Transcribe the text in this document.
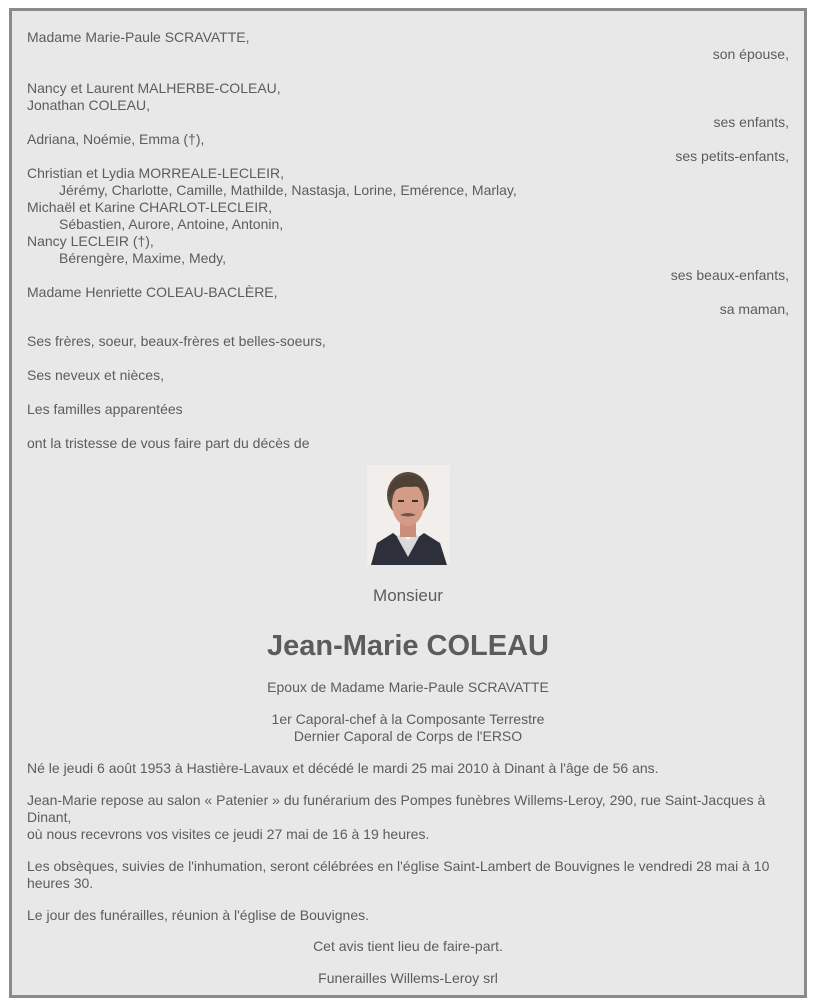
Madame Marie-Paule SCRAVATTE,
son épouse,
Nancy et Laurent MALHERBE-COLEAU,
Jonathan COLEAU,
ses enfants,
Adriana, Noémie, Emma (†),
ses petits-enfants,
Christian et Lydia MORREALE-LECLEIR,
Jérémy, Charlotte, Camille, Mathilde, Nastasja, Lorine, Emérence, Marlay,
Michaël et Karine CHARLOT-LECLEIR,
Sébastien, Aurore, Antoine, Antonin,
Nancy LECLEIR (†),
Bérengère, Maxime, Medy,
ses beaux-enfants,
Madame Henriette COLEAU-BACLÈRE,
sa maman,
Ses frères, soeur, beaux-frères et belles-soeurs,
Ses neveux et nièces,
Les familles apparentées
ont la tristesse de vous faire part du décès de
Monsieur
Jean-Marie COLEAU
Epoux de Madame Marie-Paule SCRAVATTE
1er Caporal-chef à la Composante Terrestre
Dernier Caporal de Corps de l'ERSO
Né le jeudi 6 août 1953 à Hastière-Lavaux et décédé le mardi 25 mai 2010 à Dinant à l'âge de 56 ans.
Jean-Marie repose au salon « Patenier » du funérarium des Pompes funèbres Willems-Leroy, 290, rue Saint-Jacques à Dinant,
où nous recevrons vos visites ce jeudi 27 mai de 16 à 19 heures.
Les obsèques, suivies de l'inhumation, seront célébrées en l'église Saint-Lambert de Bouvignes le vendredi 28 mai à 10 heures 30.
Le jour des funérailles, réunion à l'église de Bouvignes.
Cet avis tient lieu de faire-part.
Funerailles Willems-Leroy srl
